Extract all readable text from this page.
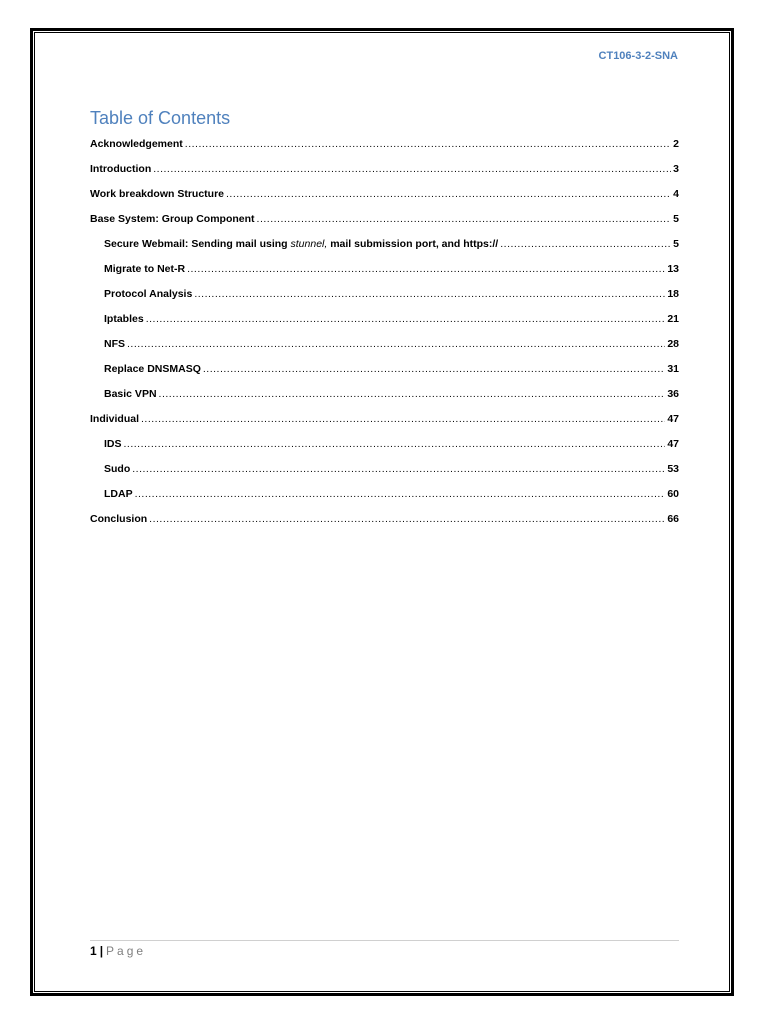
CT106-3-2-SNA
Table of Contents
Acknowledgement .....	2
Introduction .....	3
Work breakdown Structure .....	4
Base System: Group Component .....	5
Secure Webmail: Sending mail using stunnel, mail submission port, and https:// .....	5
Migrate to Net-R .....	13
Protocol Analysis .....	18
Iptables .....	21
NFS .....	28
Replace DNSMASQ .....	31
Basic VPN .....	36
Individual .....	47
IDS .....	47
Sudo .....	53
LDAP .....	60
Conclusion .....	66
1 | Page
